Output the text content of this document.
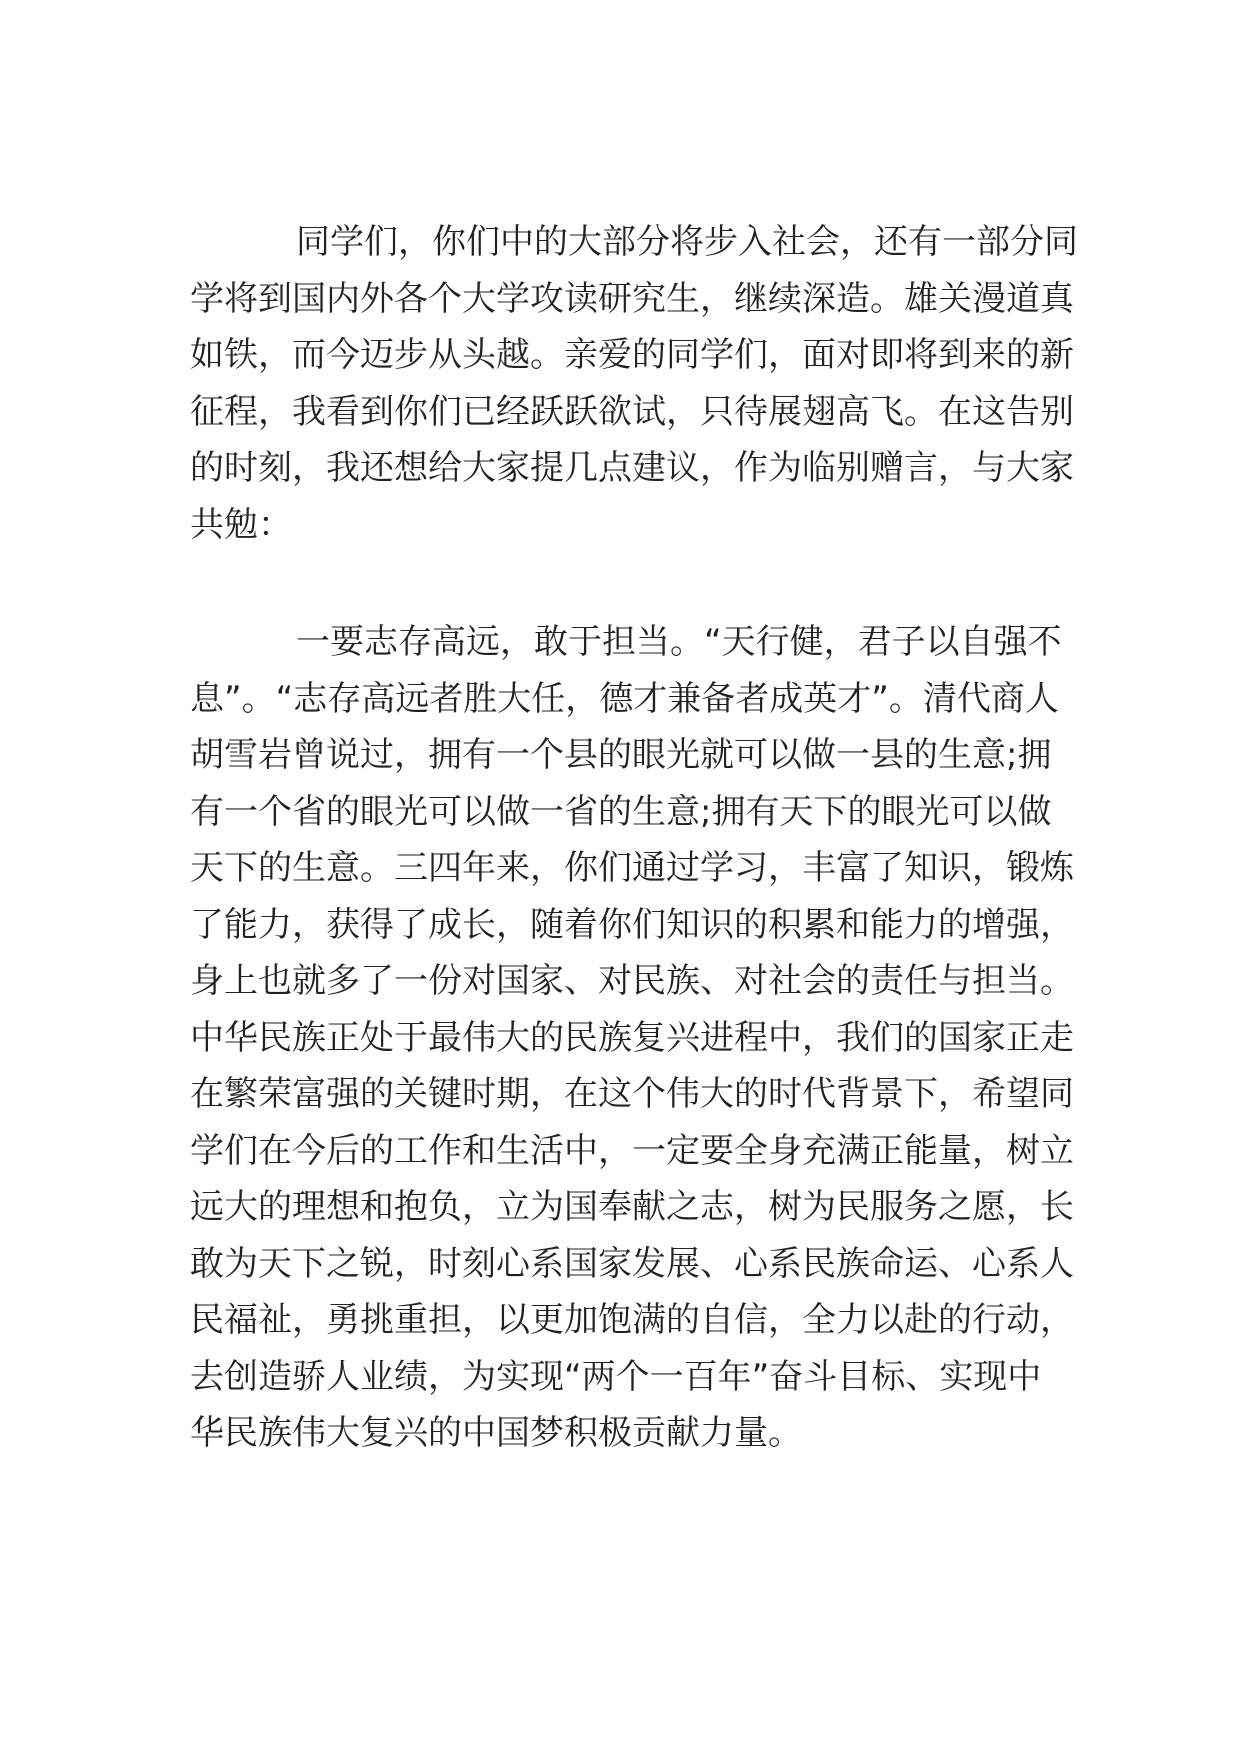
同学们，你们中的大部分将步入社会，还有一部分同

学将到国内外各个大学攻读研究生，继续深造。雄关漫道真

如铁，而今迈步从头越。亲爱的同学们，面对即将到来的新

征程，我看到你们已经跃跃欲试，只待展翅高飞。在这告别

的时刻，我还想给大家提几点建议，作为临别赠言，与大家

共勉：

一要志存高远，敢于担当。“天行健，君子以自强不

息”。“志存高远者胜大任，德才兼备者成英才”。清代商人

胡雪岩曾说过，拥有一个县的眼光就可以做一县的生意;拥

有一个省的眼光可以做一省的生意;拥有天下的眼光可以做

天下的生意。三四年来，你们通过学习，丰富了知识，锻炼

了能力，获得了成长，随着你们知识的积累和能力的增强，

身上也就多了一份对国家、对民族、对社会的责任与担当。

中华民族正处于最伟大的民族复兴进程中，我们的国家正走

在繁荣富强的关键时期，在这个伟大的时代背景下，希望同

学们在今后的工作和生活中，一定要全身充满正能量，树立

远大的理想和抱负，立为国奉献之志，树为民服务之愿，长

敢为天下之锐，时刻心系国家发展、心系民族命运、心系人

民福祉，勇挑重担，以更加饱满的自信，全力以赴的行动，

去创造骄人业绩，为实现“两个一百年”奋斗目标、实现中

华民族伟大复兴的中国梦积极贡献力量。
